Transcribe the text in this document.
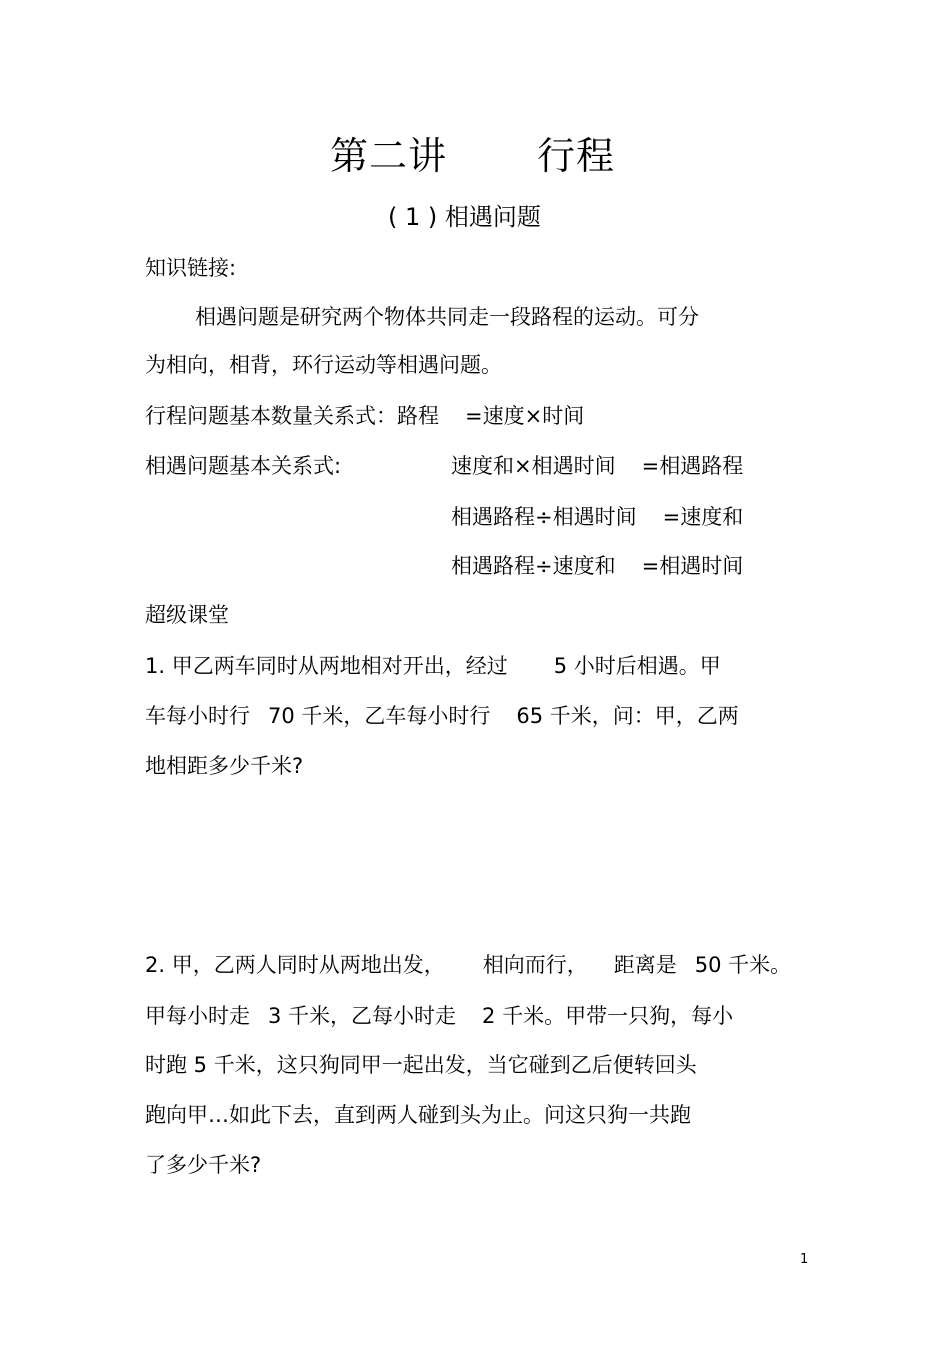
第二讲 行程
( 1 ) 相遇问题
知识链接:
相遇问题是研究两个物体共同走一段路程的运动。可分
为相向，相背，环行运动等相遇问题。
行程问题基本数量关系式：路程 =速度×时间
相遇问题基本关系式:	速度和×相遇时间 =相遇路程
相遇路程÷相遇时间 =速度和
相遇路程÷速度和 =相遇时间
超级课堂
1. 甲乙两车同时从两地相对开出，经过 5 小时后相遇。甲
车每小时行 70 千米，乙车每小时行 65 千米，问：甲，乙两
地相距多少千米?
2. 甲，乙两人同时从两地出发， 相向而行， 距离是 50 千米。
甲每小时走 3 千米，乙每小时走 2 千米。甲带一只狗，每小
时跑 5 千米，这只狗同甲一起出发，当它碰到乙后便转回头
跑向甲…如此下去，直到两人碰到头为止。问这只狗一共跑
了多少千米?
1
